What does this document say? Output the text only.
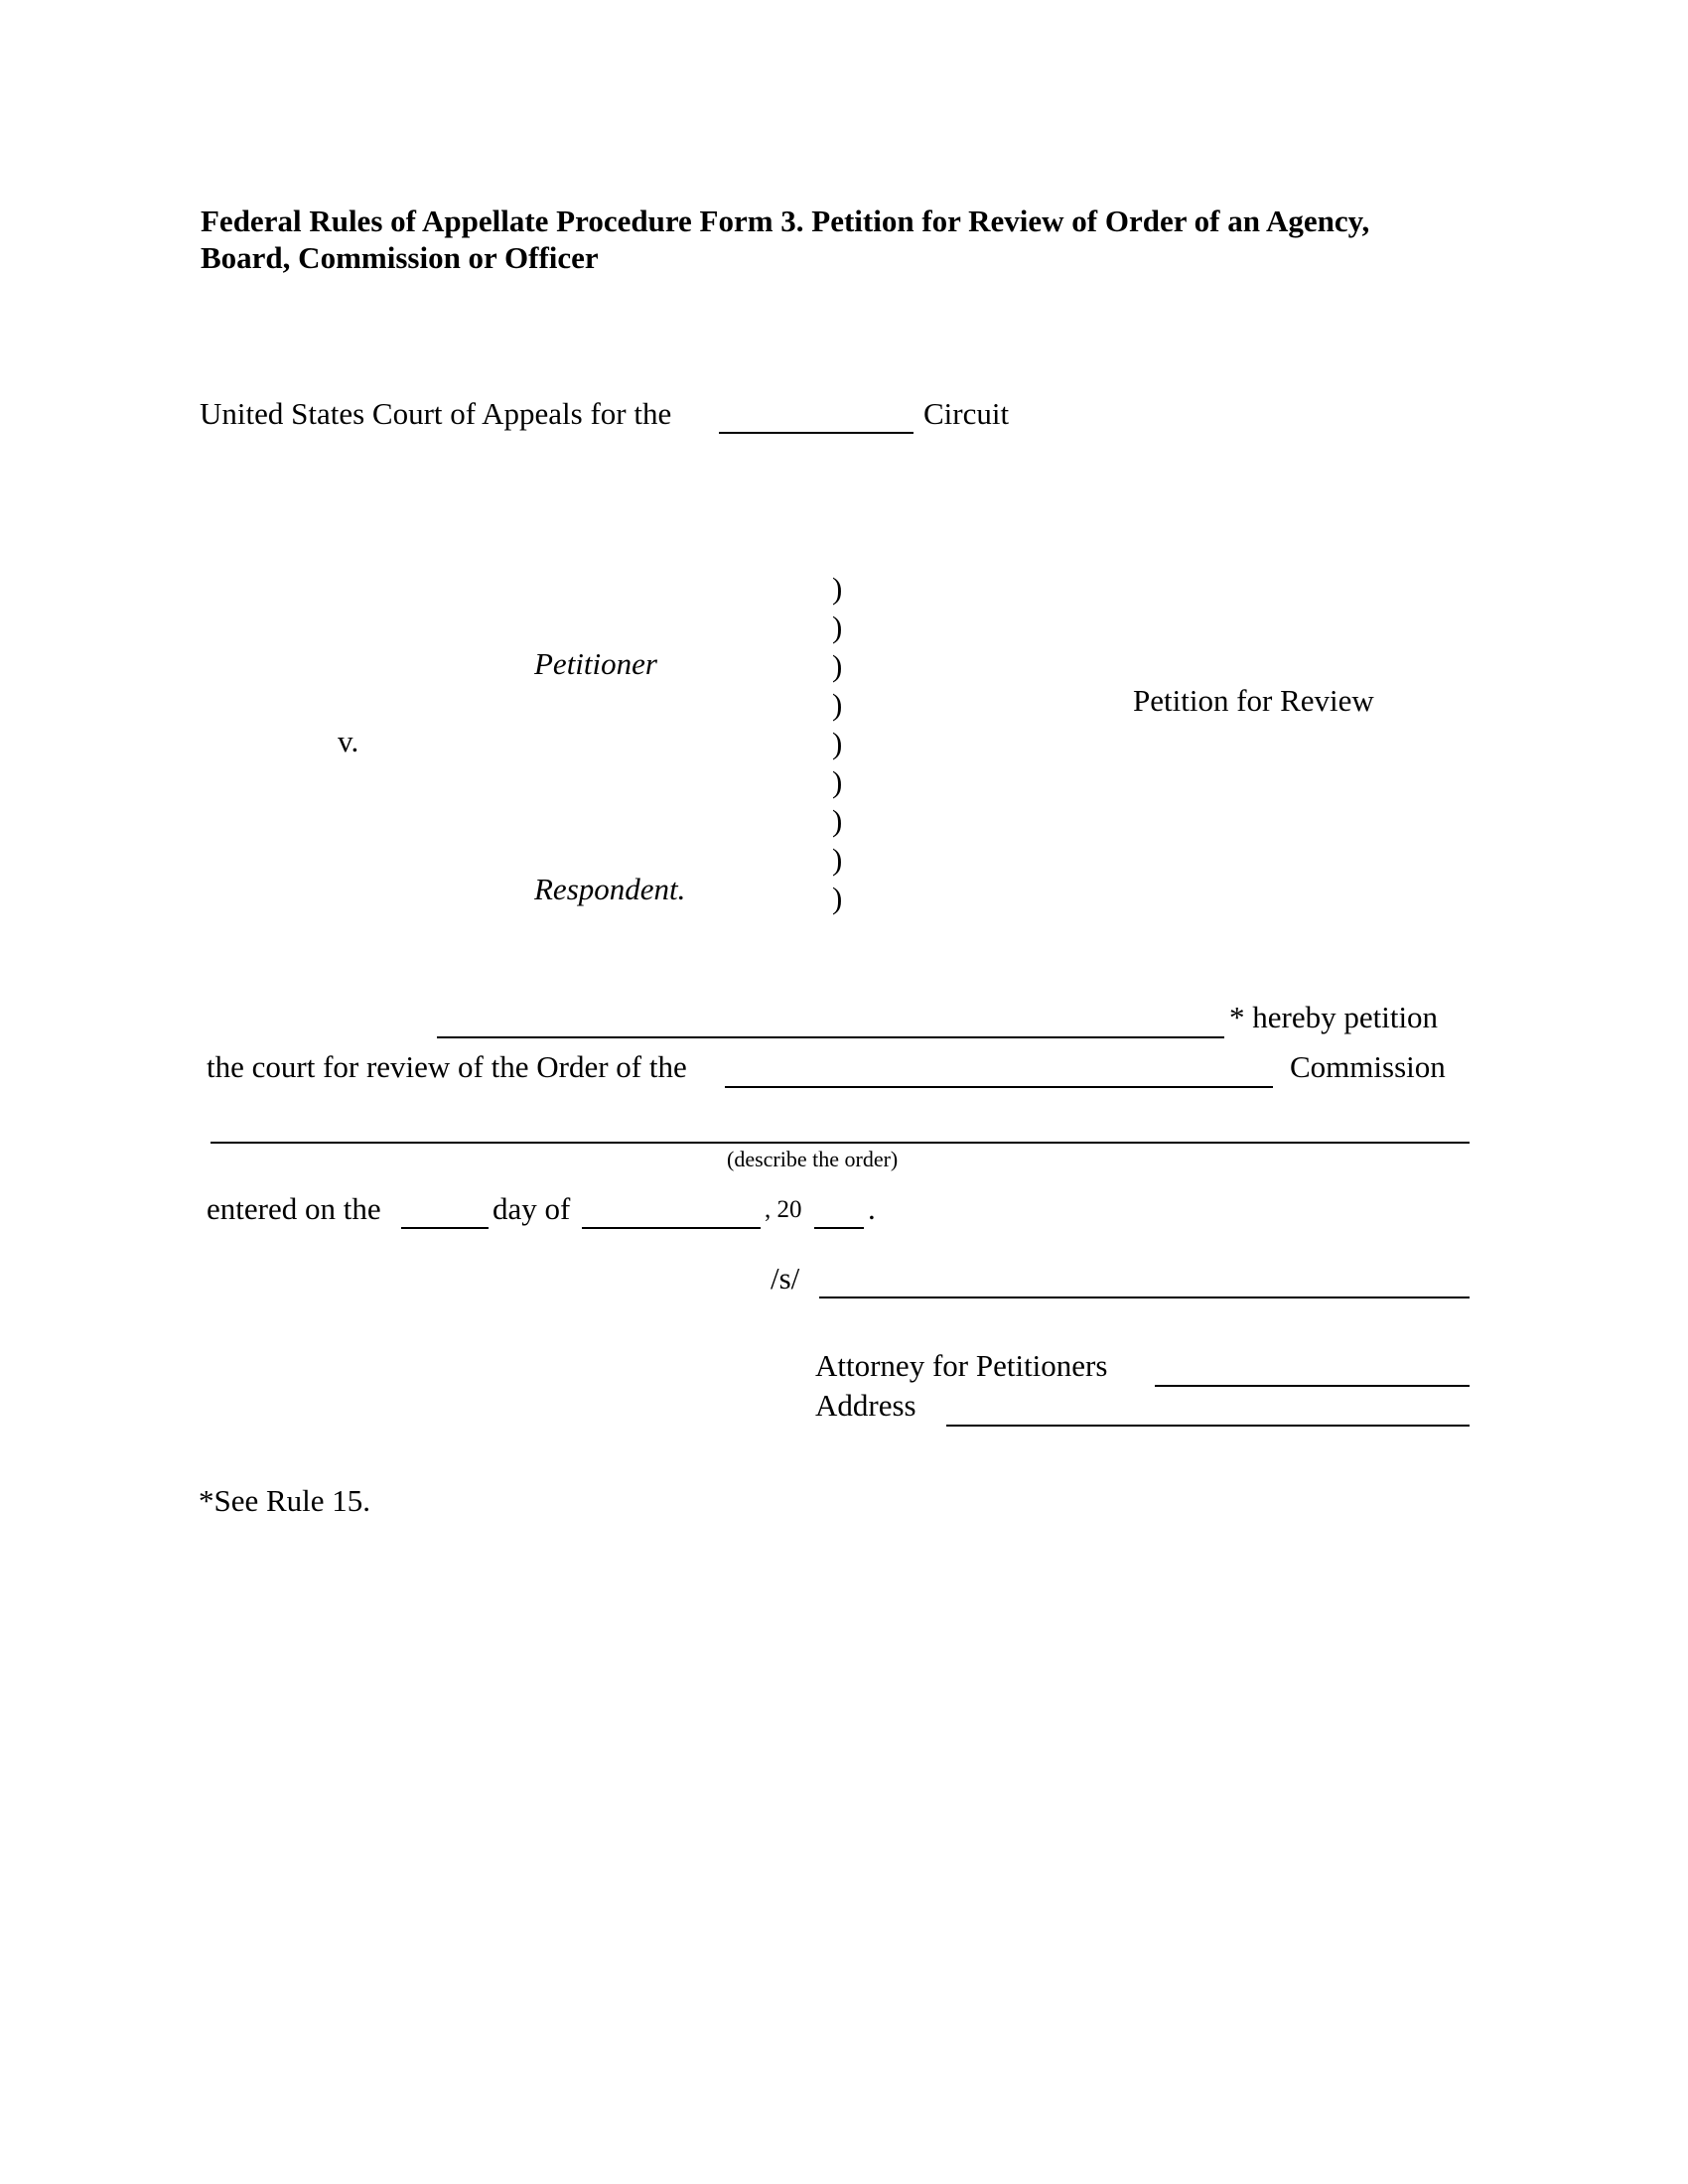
Federal Rules of Appellate Procedure Form 3. Petition for Review of Order of an Agency,
Board, Commission or Officer
United States Court of Appeals for the	Circuit
Petitioner
v.
Respondent.
)
)
)
)
)
)
)
)
)
Petition for Review
* hereby petition
the court for review of the Order of the	Commission
(describe the order)
entered on the	day of	, 20 .
/s/
Attorney for Petitioners
Address
*See Rule 15.
